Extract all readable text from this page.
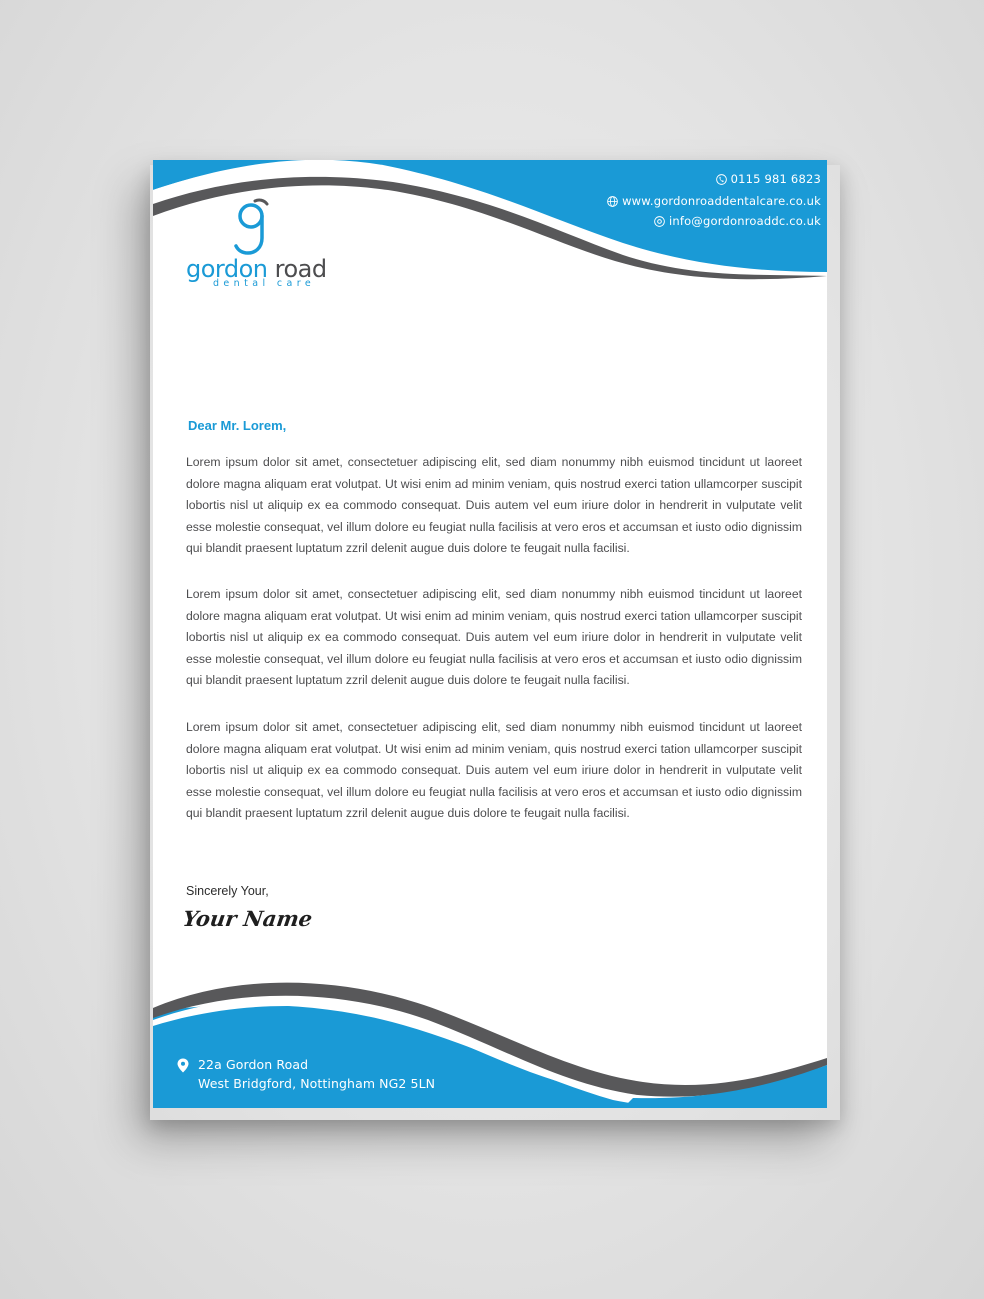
gordon road
dental care
0115 981 6823
www.gordonroaddentalcare.co.uk
info@gordonroaddc.co.uk
Dear Mr. Lorem,

Lorem ipsum dolor sit amet, consectetuer adipiscing elit, sed diam nonummy nibh euismod tincidunt ut laoreet dolore magna aliquam erat volutpat. Ut wisi enim ad minim veniam, quis nostrud exerci tation ullamcorper suscipit lobortis nisl ut aliquip ex ea commodo consequat. Duis autem vel eum iriure dolor in hendrerit in vulputate velit esse molestie consequat, vel illum dolore eu feugiat nulla facilisis at vero eros et accumsan et iusto odio dignissim qui blandit praesent luptatum zzril delenit augue duis dolore te feugait nulla facilisi.

Lorem ipsum dolor sit amet, consectetuer adipiscing elit, sed diam nonummy nibh euismod tincidunt ut laoreet dolore magna aliquam erat volutpat. Ut wisi enim ad minim veniam, quis nostrud exerci tation ullamcorper suscipit lobortis nisl ut aliquip ex ea commodo consequat. Duis autem vel eum iriure dolor in hendrerit in vulputate velit esse molestie consequat, vel illum dolore eu feugiat nulla facilisis at vero eros et accumsan et iusto odio dignissim qui blandit praesent luptatum zzril delenit augue duis dolore te feugait nulla facilisi.

Lorem ipsum dolor sit amet, consectetuer adipiscing elit, sed diam nonummy nibh euismod tincidunt ut laoreet dolore magna aliquam erat volutpat. Ut wisi enim ad minim veniam, quis nostrud exerci tation ullamcorper suscipit lobortis nisl ut aliquip ex ea commodo consequat. Duis autem vel eum iriure dolor in hendrerit in vulputate velit esse molestie consequat, vel illum dolore eu feugiat nulla facilisis at vero eros et accumsan et iusto odio dignissim qui blandit praesent luptatum zzril delenit augue duis dolore te feugait nulla facilisi.

Sincerely Your,
Your Name
22a Gordon Road
West Bridgford, Nottingham NG2 5LN
